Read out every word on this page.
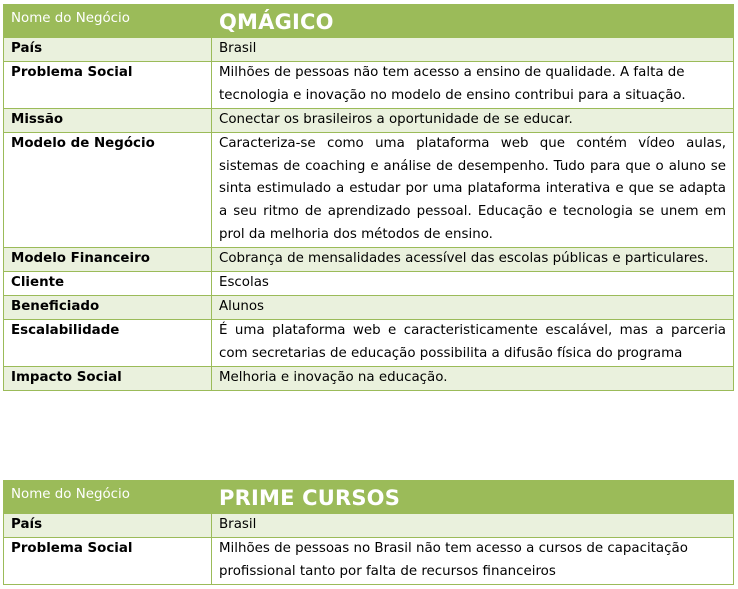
Nome do Negócio	QMÁGICO
País	Brasil
Problema Social	Milhões de pessoas não tem acesso a ensino de qualidade. A falta de tecnologia e inovação no modelo de ensino contribui para a situação.
Missão	Conectar os brasileiros a oportunidade de se educar.
Modelo de Negócio	Caracteriza-se como uma plataforma web que contém vídeo aulas, sistemas de coaching e análise de desempenho. Tudo para que o aluno se sinta estimulado a estudar por uma plataforma interativa e que se adapta a seu ritmo de aprendizado pessoal. Educação e tecnologia se unem em prol da melhoria dos métodos de ensino.
Modelo Financeiro	Cobrança de mensalidades acessível das escolas públicas e particulares.
Cliente	Escolas
Beneficiado	Alunos
Escalabilidade	É uma plataforma web e caracteristicamente escalável, mas a parceria com secretarias de educação possibilita a difusão física do programa
Impacto Social	Melhoria e inovação na educação.
Nome do Negócio	PRIME CURSOS
País	Brasil
Problema Social	Milhões de pessoas no Brasil não tem acesso a cursos de capacitação profissional tanto por falta de recursos financeiros
